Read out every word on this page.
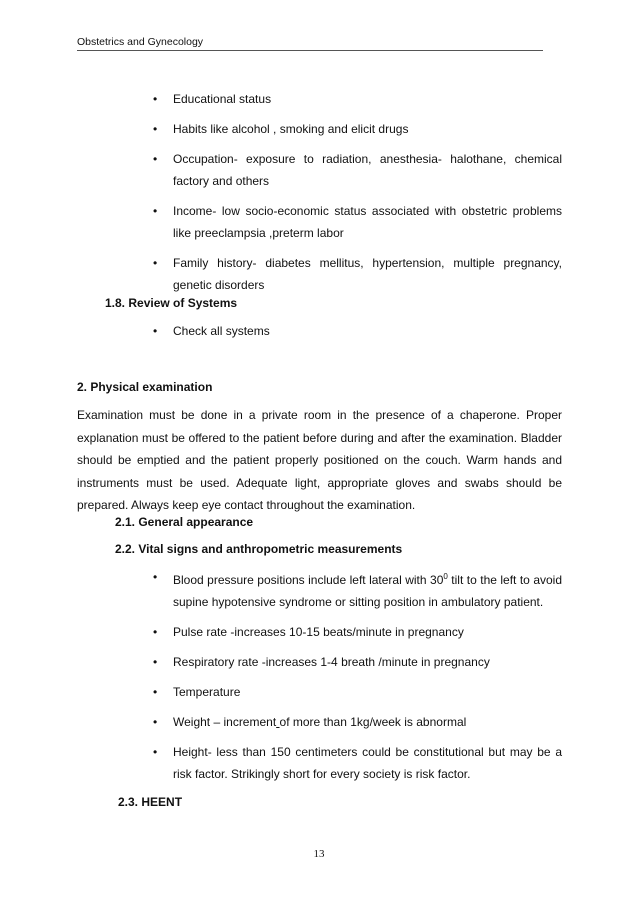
Obstetrics and Gynecology
• Educational status
• Habits like alcohol , smoking and elicit drugs
• Occupation- exposure to radiation, anesthesia- halothane, chemical factory and others
• Income- low socio-economic status associated with obstetric problems like preeclampsia ,preterm labor
• Family history- diabetes mellitus, hypertension, multiple pregnancy, genetic disorders
1.8. Review of Systems
• Check all systems
2. Physical examination

Examination must be done in a private room in the presence of a chaperone. Proper explanation must be offered to the patient before during and after the examination. Bladder should be emptied and the patient properly positioned on the couch. Warm hands and instruments must be used. Adequate light, appropriate gloves and swabs should be prepared. Always keep eye contact throughout the examination.

2.1. General appearance
2.2. Vital signs and anthropometric measurements
• Blood pressure positions include left lateral with $30^0$ tilt to the left to avoid supine hypotensive syndrome or sitting position in ambulatory patient.
• Pulse rate -increases 10-15 beats/minute in pregnancy
• Respiratory rate -increases 1-4 breath /minute in pregnancy
• Temperature
• Weight – increment of more than 1kg/week is abnormal
• Height- less than 150 centimeters could be constitutional but may be a risk factor. Strikingly short for every society is risk factor.
2.3. HEENT
13
